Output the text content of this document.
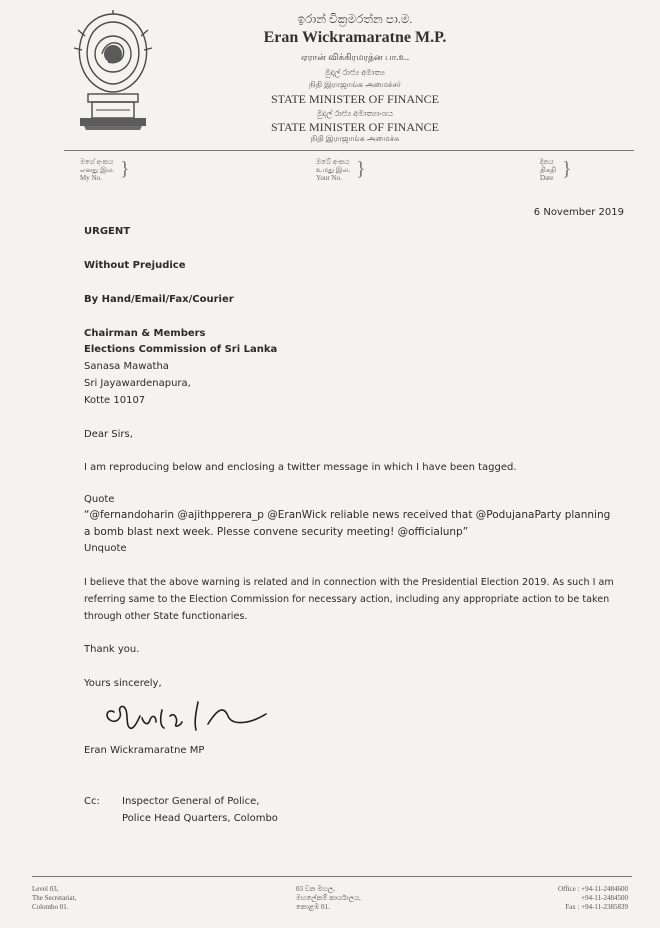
ඉරාන් වික්‍රමරත්න පා.ම.
Eran Wickramaratne M.P.
ஏரான் விக்கிரமரத்ன பா.உ.
මුදල් රාජ්‍ය අමාත්‍ය
நிதி இராஜாங்க அமைச்சர்
STATE MINISTER OF FINANCE
මුදල් රාජ්‍ය අමාත්‍යාංශය
STATE MINISTER OF FINANCE
நிதி இராஜாங்க அமைச்சு
මගේ අංකය
எனது இல.
My No. }	ඔබේ අංකය
உமது இல.
Your No. }	දිනය
திகதி
Date }
6 November 2019
URGENT
Without Prejudice
By Hand/Email/Fax/Courier
Chairman & Members
Elections Commission of Sri Lanka
Sanasa Mawatha
Sri Jayawardenapura,
Kotte 10107
Dear Sirs,
I am reproducing below and enclosing a twitter message in which I have been tagged.
Quote
“@fernandoharin @ajithpperera_p @EranWick reliable news received that @PodujanaParty planning
a bomb blast next week. Plesse convene security meeting! @officialunp”
Unquote
I believe that the above warning is related and in connection with the Presidential Election 2019. As such I am
referring same to the Election Commission for necessary action, including any appropriate action to be taken
through other State functionaries.
Thank you.
Yours sincerely,
Eran Wickramaratne MP
Cc: Inspector General of Police,
Police Head Quarters, Colombo
Level 03,
The Secretariat,
Colombo 01.
03 වන මහල,
මහලේකම් කාර්යාලය,
කොළඹ 01.
Office : +94-11-2484600
+94-11-2484500
Fax : +94-11-2385839
